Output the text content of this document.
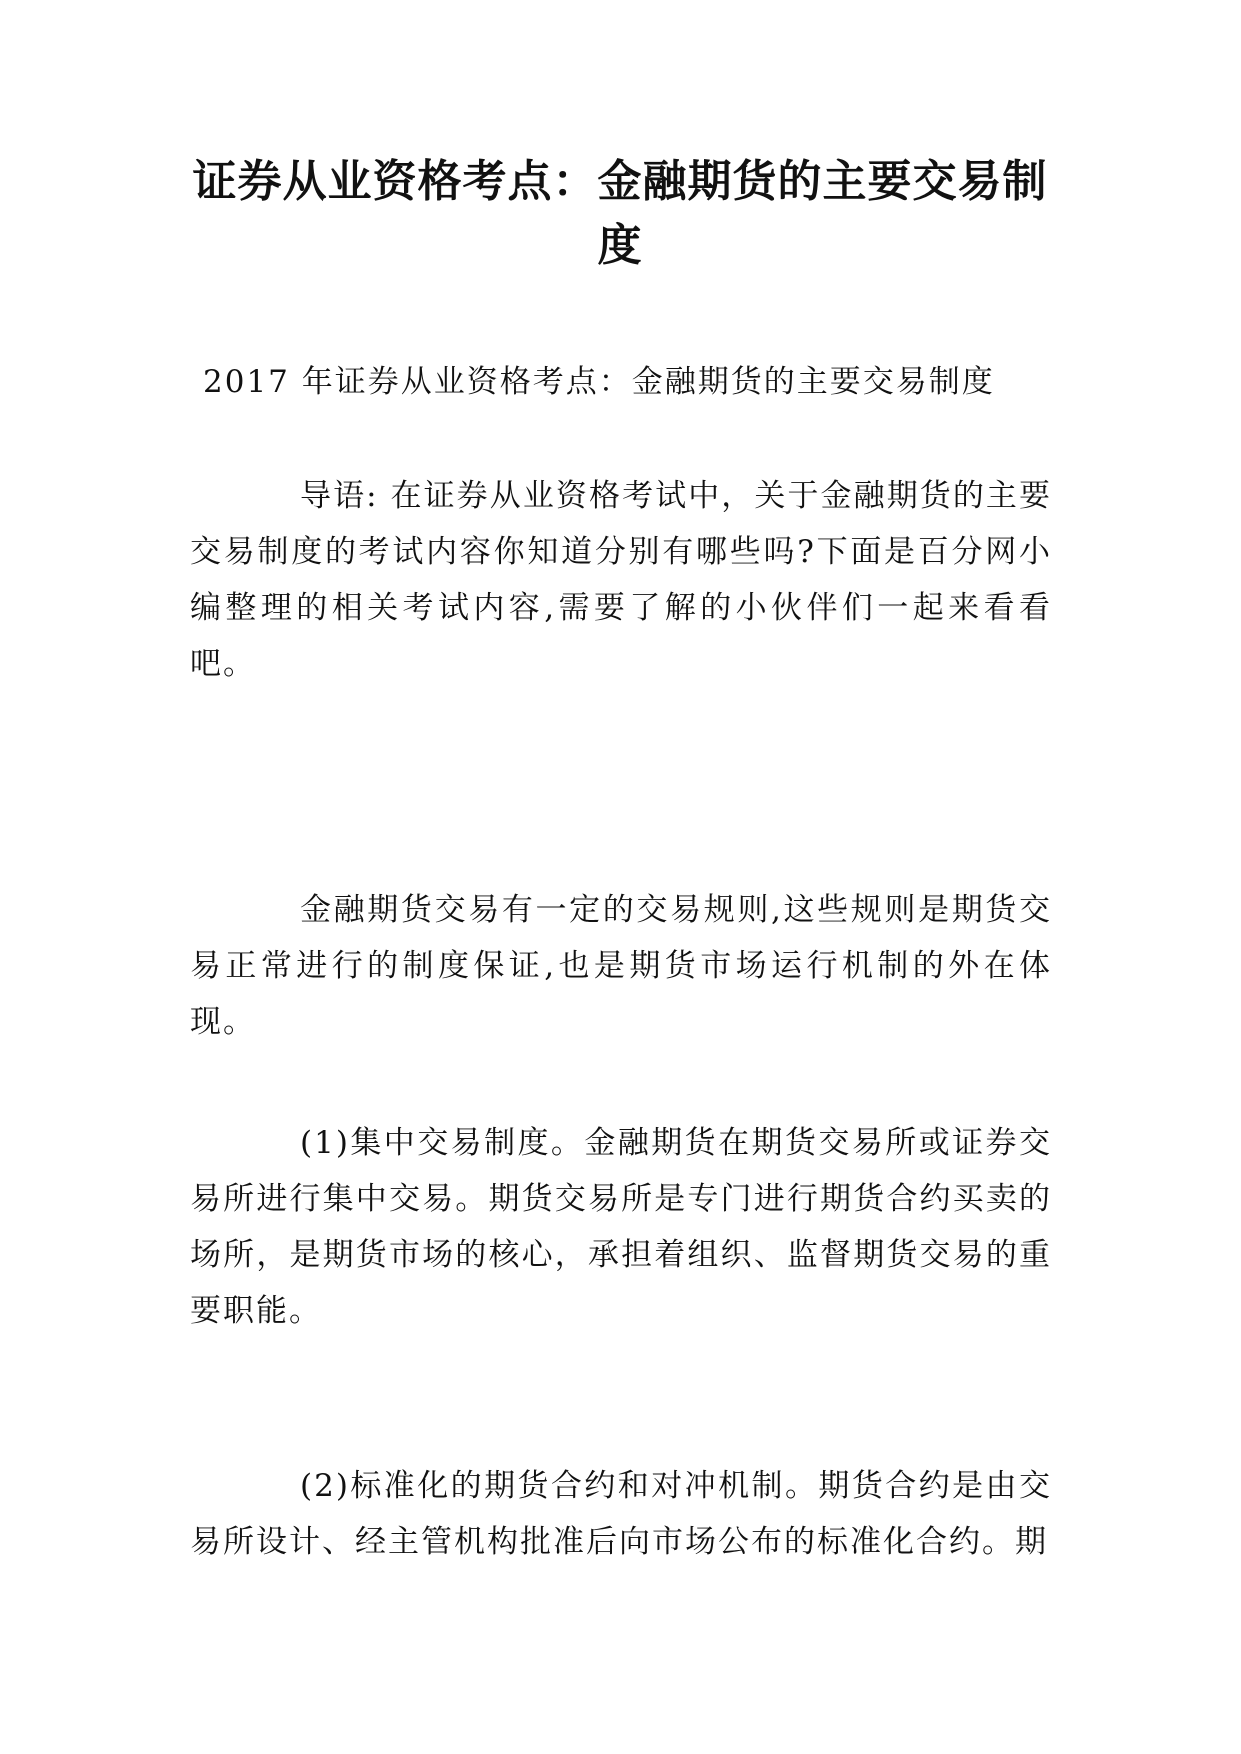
证券从业资格考点：金融期货的主要交易制度

2017 年证券从业资格考点：金融期货的主要交易制度

导语: 在证券从业资格考试中，关于金融期货的主要交易制度的考试内容你知道分别有哪些吗?下面是百分网小编整理的相关考试内容,需要了解的小伙伴们一起来看看吧。

金融期货交易有一定的交易规则,这些规则是期货交易正常进行的制度保证,也是期货市场运行机制的外在体现。

(1)集中交易制度。金融期货在期货交易所或证券交易所进行集中交易。期货交易所是专门进行期货合约买卖的场所，是期货市场的核心，承担着组织、监督期货交易的重要职能。

(2)标准化的期货合约和对冲机制。期货合约是由交易所设计、经主管机构批准后向市场公布的标准化合约。期
